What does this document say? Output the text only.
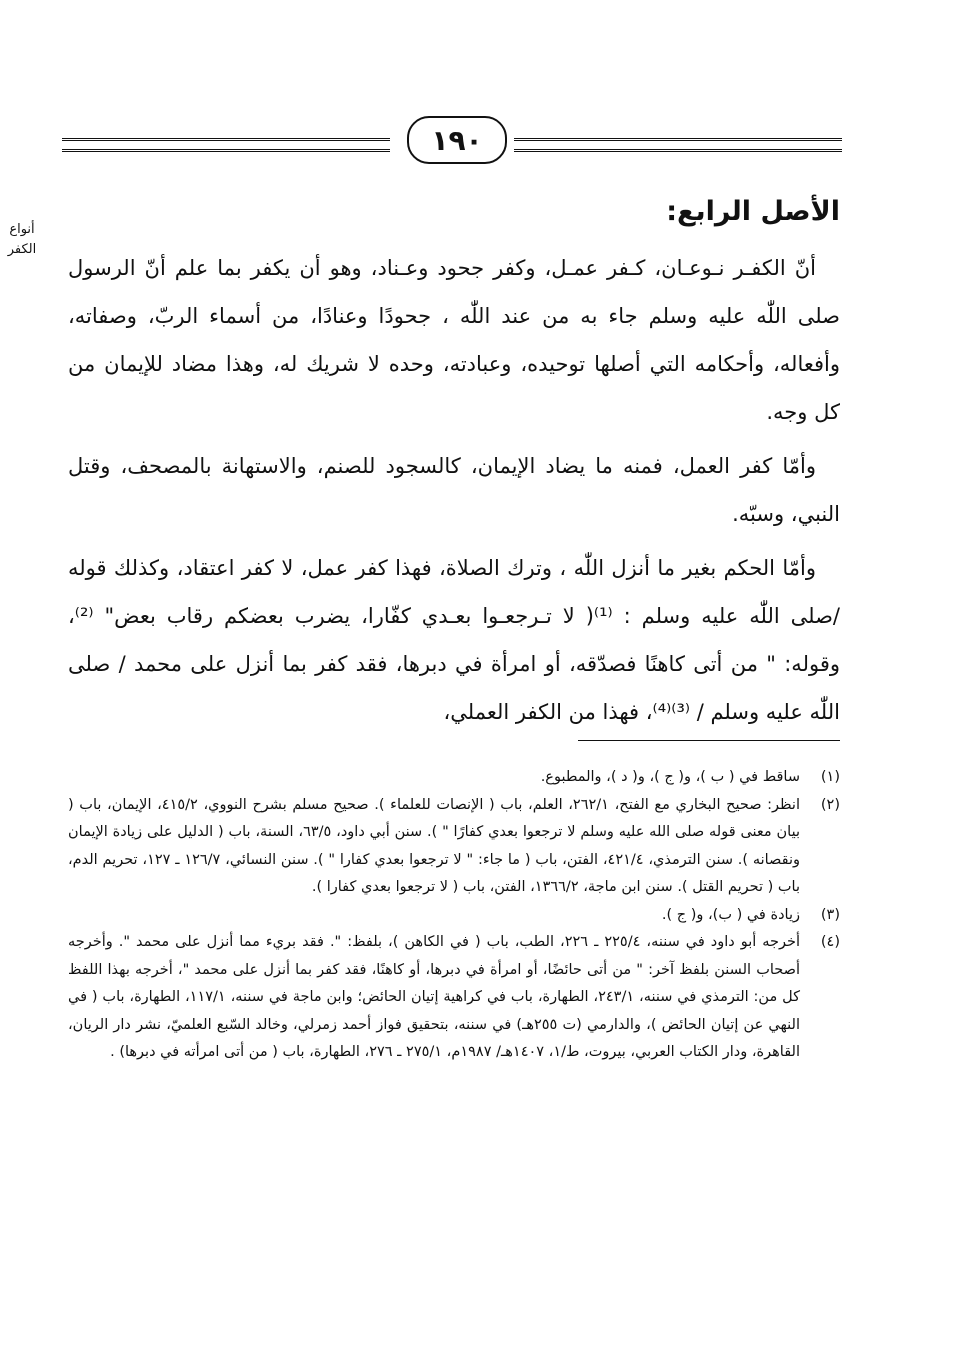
١٩٠
أنواع الكفر
الأصل الرابع:

أنّ الكفـر نـوعـان، كـفر عمـل، وكفر جحود وعـناد، وهو أن يكفر بما علم أنّ الرسول صلى اللّٰه عليه وسلم جاء به من عند اللّٰه ، جحودًا وعنادًا، من أسماء الربّ، وصفاته، وأفعاله، وأحكامه التي أصلها توحيده، وعبادته، وحده لا شريك له، وهذا مضاد للإيمان من كل وجه.

وأمّا كفر العمل، فمنه ما يضاد الإيمان، كالسجود للصنم، والاستهانة بالمصحف، وقتل النبي، وسبّه.

وأمّا الحكم بغير ما أنزل اللّٰه ، وترك الصلاة، فهذا كفر عمل، لا كفر اعتقاد، وكذلك قوله /صلى اللّٰه عليه وسلم : ⁽¹⁾( لا تـرجعـوا بعـدي كفّارا، يضرب بعضكم رقاب بعض" ⁽²⁾، وقوله: " من أتى كاهنًا فصدّقه، أو امرأة في دبرها، فقد كفر بما أنزل على محمد / صلى اللّٰه عليه وسلم / ⁽³⁾⁽⁴⁾، فهذا من الكفر العملي،

(١)
ساقط في ( ب )، و( ج )، و( د )، والمطبوع.
(٢)
انظر: صحيح البخاري مع الفتح، ٢٦٢/١، العلم، باب ( الإنصات للعلماء ). صحيح مسلم بشرح النووي، ٤١٥/٢، الإيمان، باب ( بيان معنى قوله صلى الله عليه وسلم لا ترجعوا بعدي كفارًا " ). سنن أبي داود، ٦٣/٥، السنة، باب ( الدليل على زيادة الإيمان ونقصانه ). سنن الترمذي، ٤٢١/٤، الفتن، باب ( ما جاء: " لا ترجعوا بعدي كفارا " ). سنن النسائي، ١٢٦/٧ ـ ١٢٧، تحريم الدم، باب ( تحريم القتل ). سنن ابن ماجة، ١٣٦٦/٢، الفتن، باب ( لا ترجعوا بعدي كفارا ).
(٣)
زيادة في ( ب)، و( ج ).
(٤)
أخرجه أبو داود في سننه، ٢٢٥/٤ ـ ٢٢٦، الطب، باب ( في الكاهن )، بلفظ: ". فقد بريء مما أنزل على محمد ". وأخرجه أصحاب السنن بلفظ آخر: " من أتى حائضًا، أو امرأة في دبرها، أو كاهنًا، فقد كفر بما أنزل على محمد "، أخرجه بهذا اللفظ كل من: الترمذي في سننه، ٢٤٣/١، الطهارة، باب في كراهية إتيان الحائض؛ وابن ماجة في سننه، ١١٧/١، الطهارة، باب ( في النهي عن إتيان الحائض )، والدارمي (ت ٢٥٥هـ) في سننه، بتحقيق فواز أحمد زمرلي، وخالد السّبع العلميّ، نشر دار الريان، القاهرة، ودار الكتاب العربي، بيروت، ط/١، ١٤٠٧هـ/ ١٩٨٧م، ٢٧٥/١ ـ ٢٧٦، الطهارة، باب ( من أتى امرأته في دبرها) .
